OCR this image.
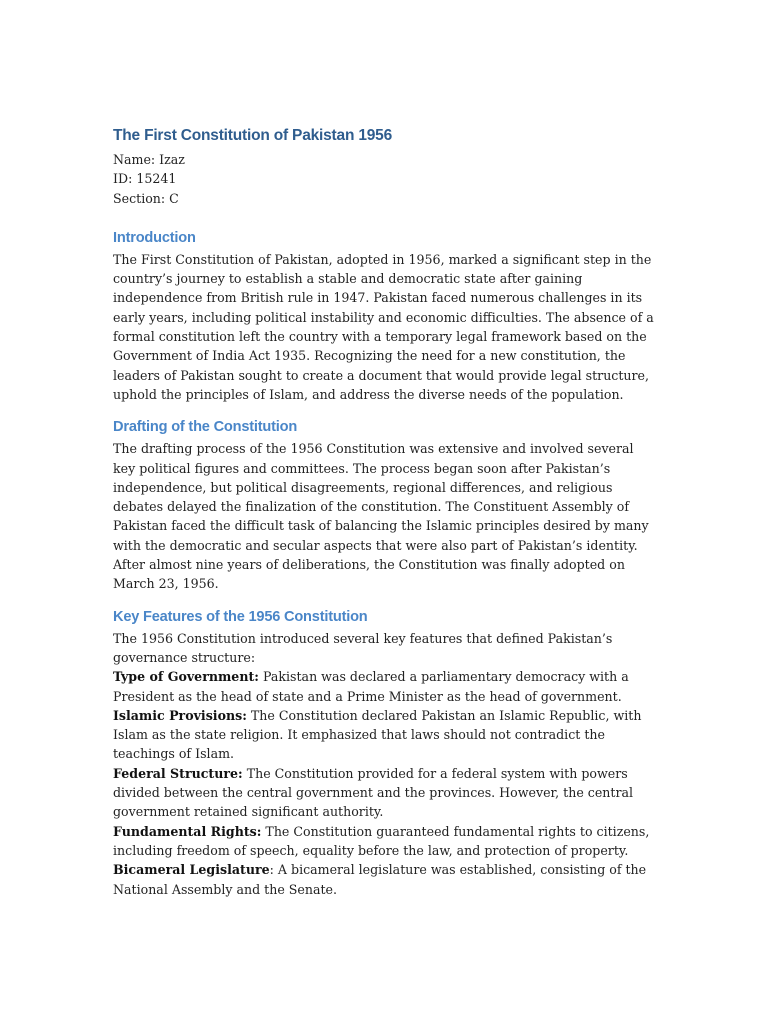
The First Constitution of Pakistan 1956

Name: Izaz

ID: 15241

Section: C

Introduction

The First Constitution of Pakistan, adopted in 1956, marked a significant step in the country’s journey to establish a stable and democratic state after gaining independence from British rule in 1947. Pakistan faced numerous challenges in its early years, including political instability and economic difficulties. The absence of a formal constitution left the country with a temporary legal framework based on the Government of India Act 1935. Recognizing the need for a new constitution, the leaders of Pakistan sought to create a document that would provide legal structure, uphold the principles of Islam, and address the diverse needs of the population.

Drafting of the Constitution

The drafting process of the 1956 Constitution was extensive and involved several key political figures and committees. The process began soon after Pakistan’s independence, but political disagreements, regional differences, and religious debates delayed the finalization of the constitution. The Constituent Assembly of Pakistan faced the difficult task of balancing the Islamic principles desired by many with the democratic and secular aspects that were also part of Pakistan’s identity. After almost nine years of deliberations, the Constitution was finally adopted on March 23, 1956.

Key Features of the 1956 Constitution

The 1956 Constitution introduced several key features that defined Pakistan’s governance structure:

Type of Government: Pakistan was declared a parliamentary democracy with a President as the head of state and a Prime Minister as the head of government.

Islamic Provisions: The Constitution declared Pakistan an Islamic Republic, with Islam as the state religion. It emphasized that laws should not contradict the teachings of Islam.

Federal Structure: The Constitution provided for a federal system with powers divided between the central government and the provinces. However, the central government retained significant authority.

Fundamental Rights: The Constitution guaranteed fundamental rights to citizens, including freedom of speech, equality before the law, and protection of property.

Bicameral Legislature: A bicameral legislature was established, consisting of the National Assembly and the Senate.
